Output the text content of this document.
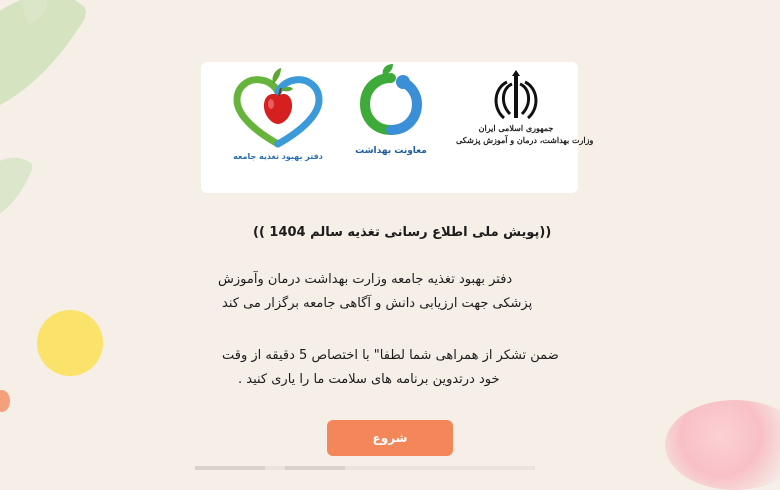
دفتر بهبود تغذیه جامعه
معاونت بهداشت
جمهوری اسلامی ایران
وزارت بهداشت، درمان و آموزش پزشکی

((پویش ملی اطلاع رسانی تغذیه سالم 1404 ))

دفتر بهبود تغذیه جامعه وزارت بهداشت درمان وآموزش

پزشکی جهت ارزیابی دانش و آگاهی جامعه برگزار می کند

ضمن تشکر از همراهی شما لطفا" با اختصاص 5 دقیقه از وقت

خود درتدوین برنامه های سلامت ما را یاری کنید .

شروع
